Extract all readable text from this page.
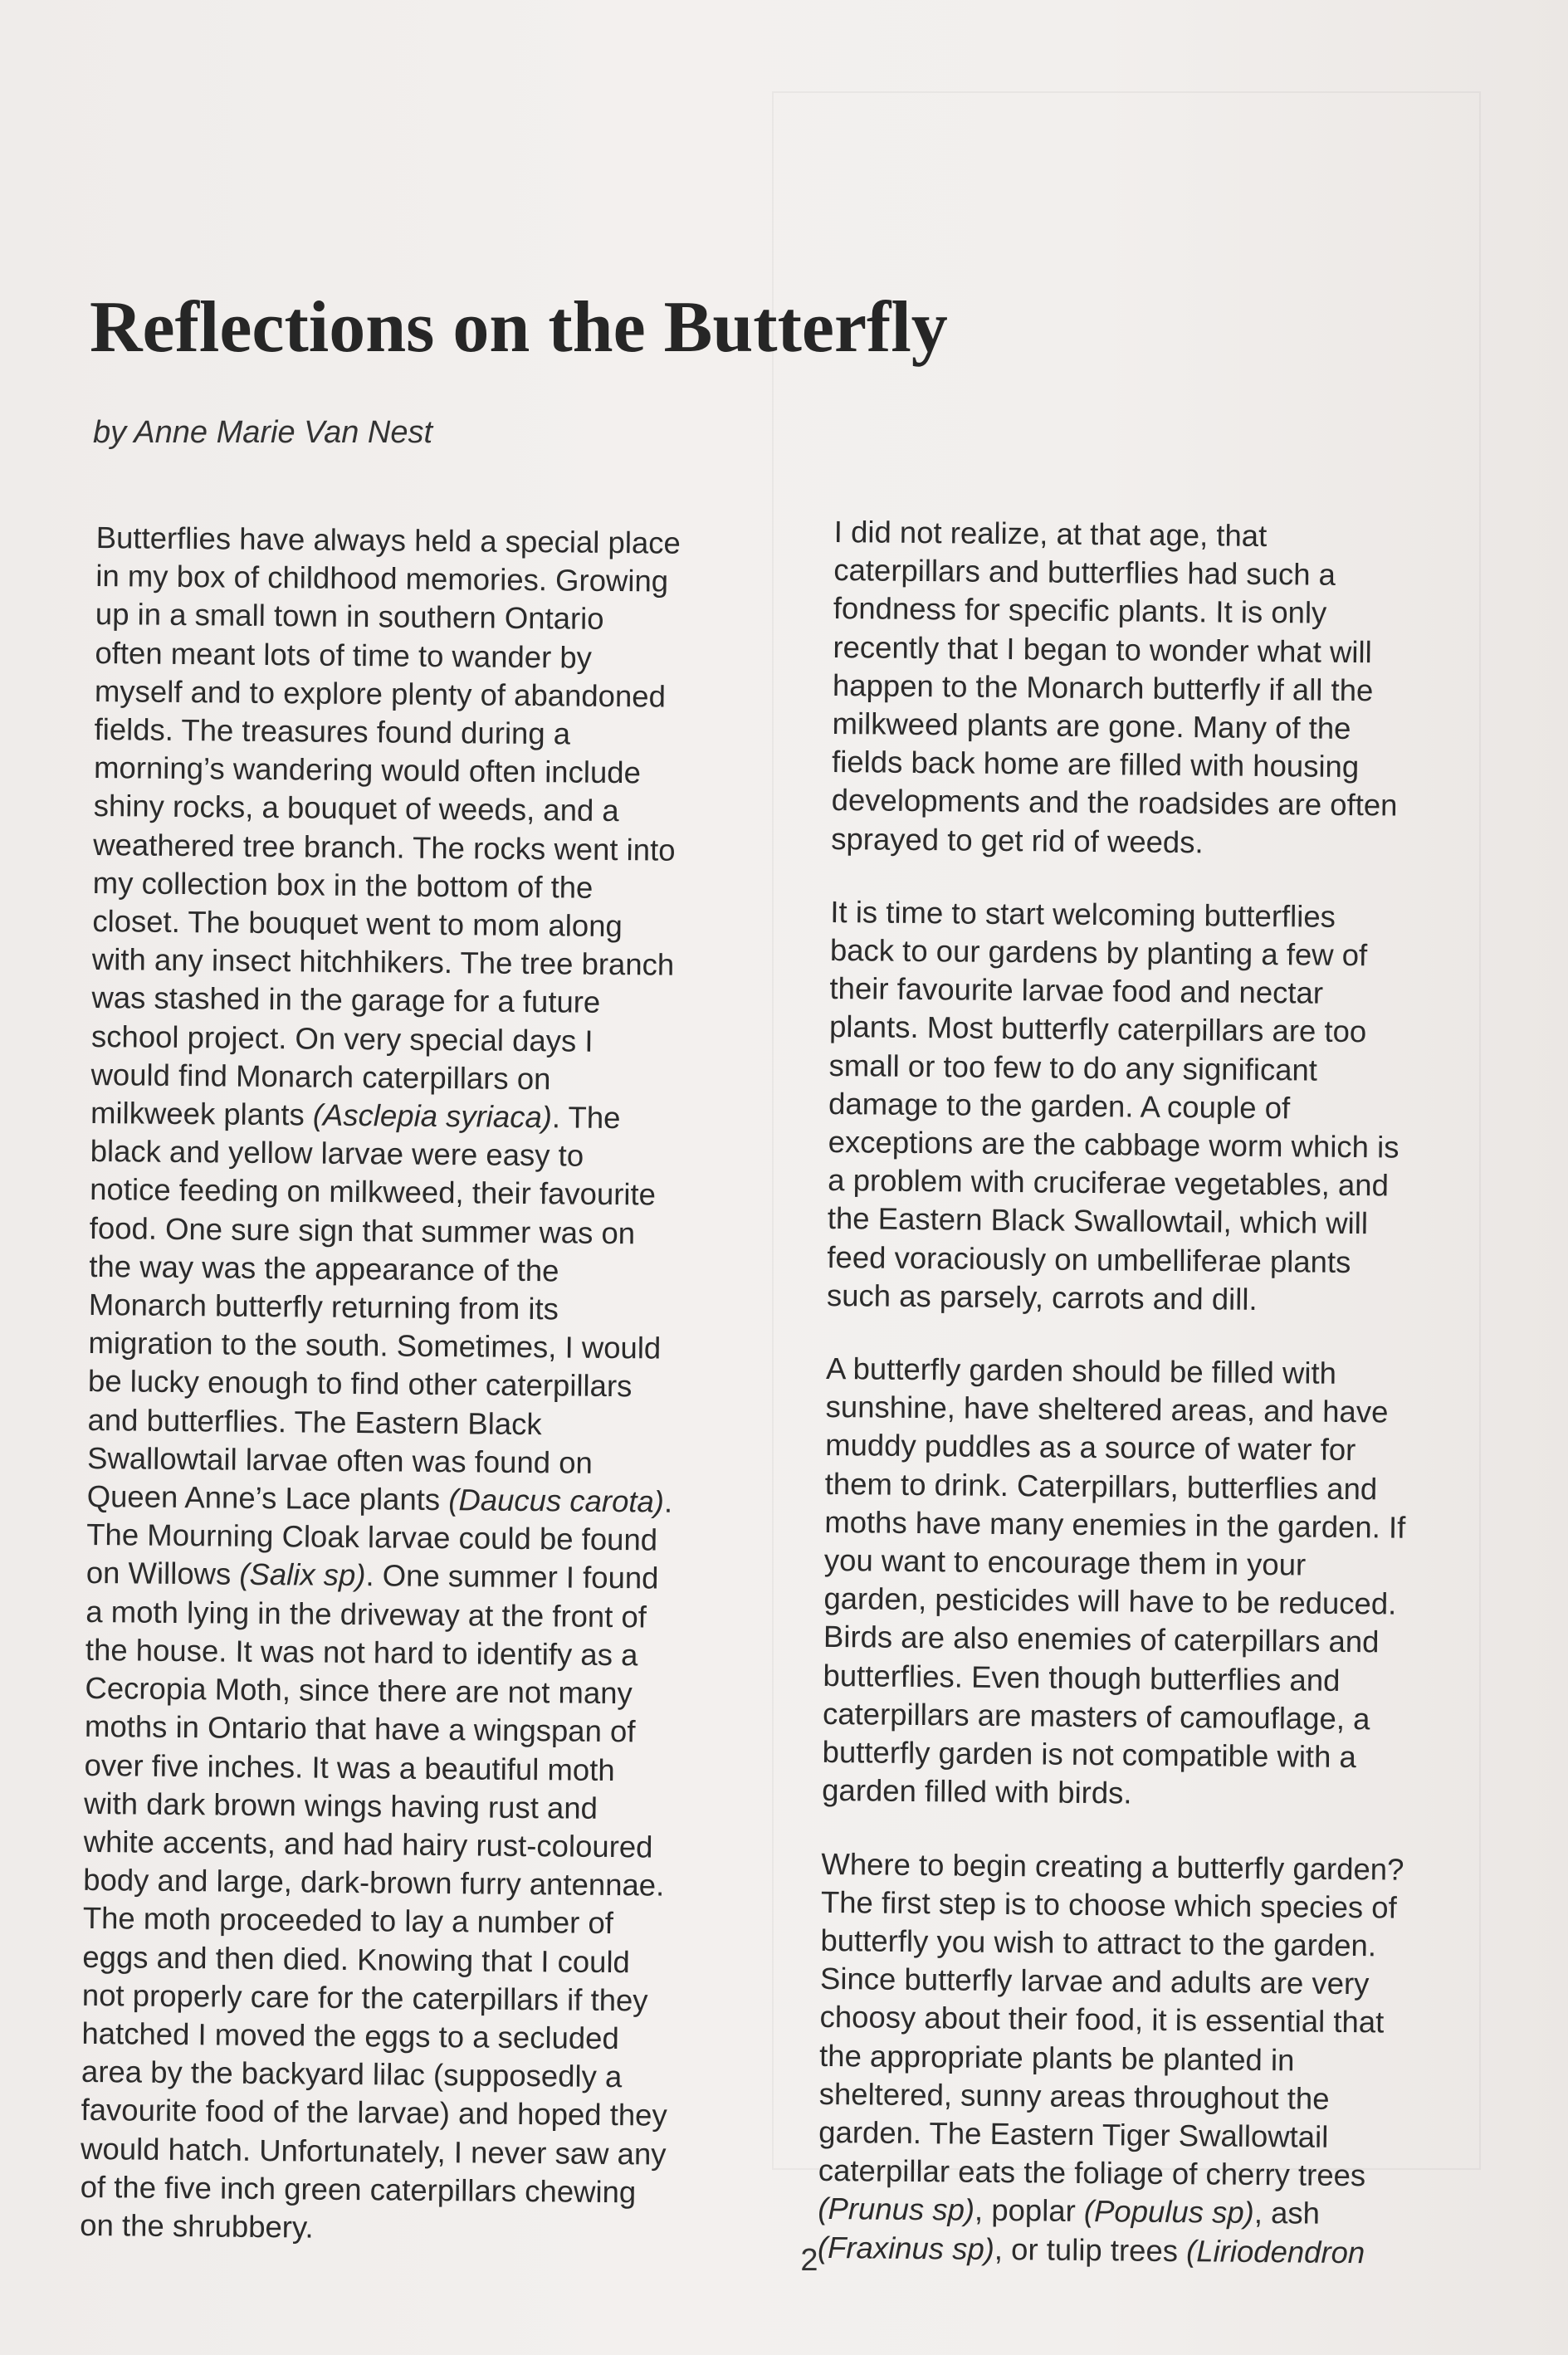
Reflections on the Butterfly
by Anne Marie Van Nest

Butterflies have always held a special place
in my box of childhood memories. Growing
up in a small town in southern Ontario
often meant lots of time to wander by
myself and to explore plenty of abandoned
fields. The treasures found during a
morning’s wandering would often include
shiny rocks, a bouquet of weeds, and a
weathered tree branch. The rocks went into
my collection box in the bottom of the
closet. The bouquet went to mom along
with any insect hitchhikers. The tree branch
was stashed in the garage for a future
school project. On very special days I
would find Monarch caterpillars on
milkweek plants (Asclepia syriaca). The
black and yellow larvae were easy to
notice feeding on milkweed, their favourite
food. One sure sign that summer was on
the way was the appearance of the
Monarch butterfly returning from its
migration to the south. Sometimes, I would
be lucky enough to find other caterpillars
and butterflies. The Eastern Black
Swallowtail larvae often was found on
Queen Anne’s Lace plants (Daucus carota).
The Mourning Cloak larvae could be found
on Willows (Salix sp). One summer I found
a moth lying in the driveway at the front of
the house. It was not hard to identify as a
Cecropia Moth, since there are not many
moths in Ontario that have a wingspan of
over five inches. It was a beautiful moth
with dark brown wings having rust and
white accents, and had hairy rust-coloured
body and large, dark-brown furry antennae.
The moth proceeded to lay a number of
eggs and then died. Knowing that I could
not properly care for the caterpillars if they
hatched I moved the eggs to a secluded
area by the backyard lilac (supposedly a
favourite food of the larvae) and hoped they
would hatch. Unfortunately, I never saw any
of the five inch green caterpillars chewing
on the shrubbery.

I did not realize, at that age, that
caterpillars and butterflies had such a
fondness for specific plants. It is only
recently that I began to wonder what will
happen to the Monarch butterfly if all the
milkweed plants are gone. Many of the
fields back home are filled with housing
developments and the roadsides are often
sprayed to get rid of weeds.

It is time to start welcoming butterflies
back to our gardens by planting a few of
their favourite larvae food and nectar
plants. Most butterfly caterpillars are too
small or too few to do any significant
damage to the garden. A couple of
exceptions are the cabbage worm which is
a problem with cruciferae vegetables, and
the Eastern Black Swallowtail, which will
feed voraciously on umbelliferae plants
such as parsely, carrots and dill.

A butterfly garden should be filled with
sunshine, have sheltered areas, and have
muddy puddles as a source of water for
them to drink. Caterpillars, butterflies and
moths have many enemies in the garden. If
you want to encourage them in your
garden, pesticides will have to be reduced.
Birds are also enemies of caterpillars and
butterflies. Even though butterflies and
caterpillars are masters of camouflage, a
butterfly garden is not compatible with a
garden filled with birds.

Where to begin creating a butterfly garden?
The first step is to choose which species of
butterfly you wish to attract to the garden.
Since butterfly larvae and adults are very
choosy about their food, it is essential that
the appropriate plants be planted in
sheltered, sunny areas throughout the
garden. The Eastern Tiger Swallowtail
caterpillar eats the foliage of cherry trees
(Prunus sp), poplar (Populus sp), ash
(Fraxinus sp), or tulip trees (Liriodendron

2
